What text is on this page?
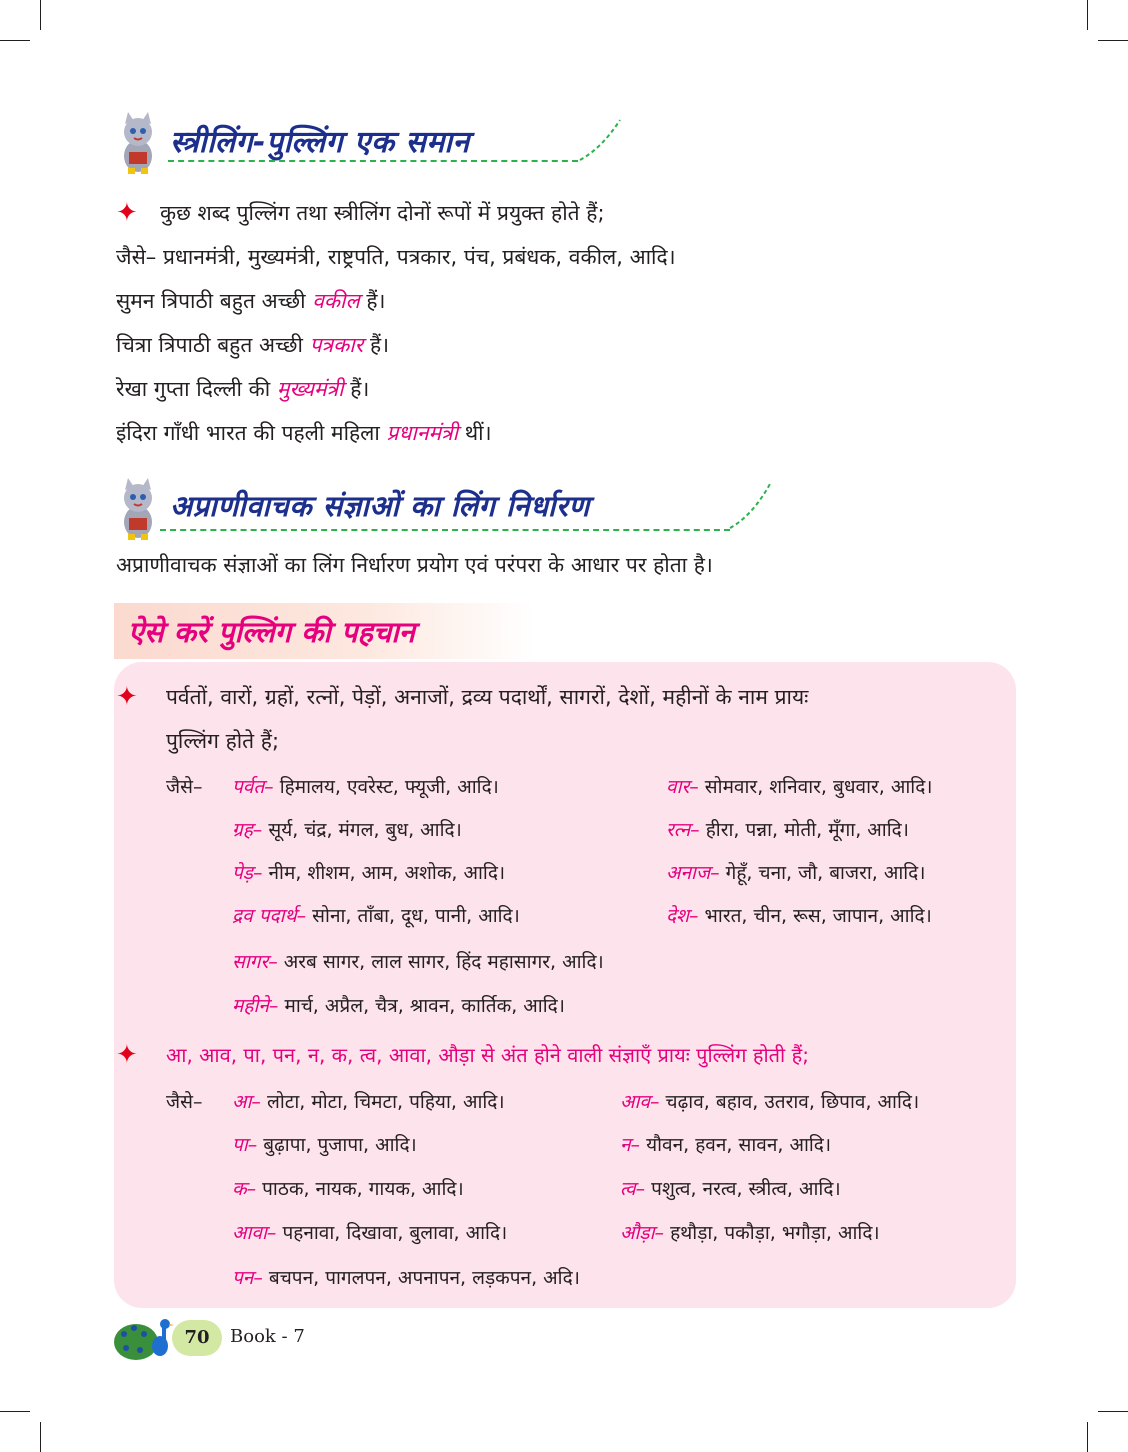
स्त्रीलिंग-पुल्लिंग एक समान
✦ कुछ शब्द पुल्लिंग तथा स्त्रीलिंग दोनों रूपों में प्रयुक्त होते हैं;
जैसे– प्रधानमंत्री, मुख्यमंत्री, राष्ट्रपति, पत्रकार, पंच, प्रबंधक, वकील, आदि।
सुमन त्रिपाठी बहुत अच्छी वकील हैं।
चित्रा त्रिपाठी बहुत अच्छी पत्रकार हैं।
रेखा गुप्ता दिल्ली की मुख्यमंत्री हैं।
इंदिरा गाँधी भारत की पहली महिला प्रधानमंत्री थीं।
अप्राणीवाचक संज्ञाओं का लिंग निर्धारण
अप्राणीवाचक संज्ञाओं का लिंग निर्धारण प्रयोग एवं परंपरा के आधार पर होता है।
ऐसे करें पुल्लिंग की पहचान
✦ पर्वतों, वारों, ग्रहों, रत्नों, पेड़ों, अनाजों, द्रव्य पदार्थों, सागरों, देशों, महीनों के नाम प्रायः
पुल्लिंग होते हैं;
जैसे– पर्वत– हिमालय, एवरेस्ट, फ्यूजी, आदि।
ग्रह– सूर्य, चंद्र, मंगल, बुध, आदि।
पेड़– नीम, शीशम, आम, अशोक, आदि।
द्रव पदार्थ– सोना, ताँबा, दूध, पानी, आदि।
सागर– अरब सागर, लाल सागर, हिंद महासागर, आदि।
महीने– मार्च, अप्रैल, चैत्र, श्रावन, कार्तिक, आदि।
वार– सोमवार, शनिवार, बुधवार, आदि।
रत्न– हीरा, पन्ना, मोती, मूँगा, आदि।
अनाज– गेहूँ, चना, जौ, बाजरा, आदि।
देश– भारत, चीन, रूस, जापान, आदि।
✦ आ, आव, पा, पन, न, क, त्व, आवा, औड़ा से अंत होने वाली संज्ञाएँ प्रायः पुल्लिंग होती हैं;
जैसे– आ– लोटा, मोटा, चिमटा, पहिया, आदि।
पा– बुढ़ापा, पुजापा, आदि।
क– पाठक, नायक, गायक, आदि।
आवा– पहनावा, दिखावा, बुलावा, आदि।
पन– बचपन, पागलपन, अपनापन, लड़कपन, अदि।
आव– चढ़ाव, बहाव, उतराव, छिपाव, आदि।
न– यौवन, हवन, सावन, आदि।
त्व– पशुत्व, नरत्व, स्त्रीत्व, आदि।
औड़ा– हथौड़ा, पकौड़ा, भगौड़ा, आदि।
70	Book - 7
